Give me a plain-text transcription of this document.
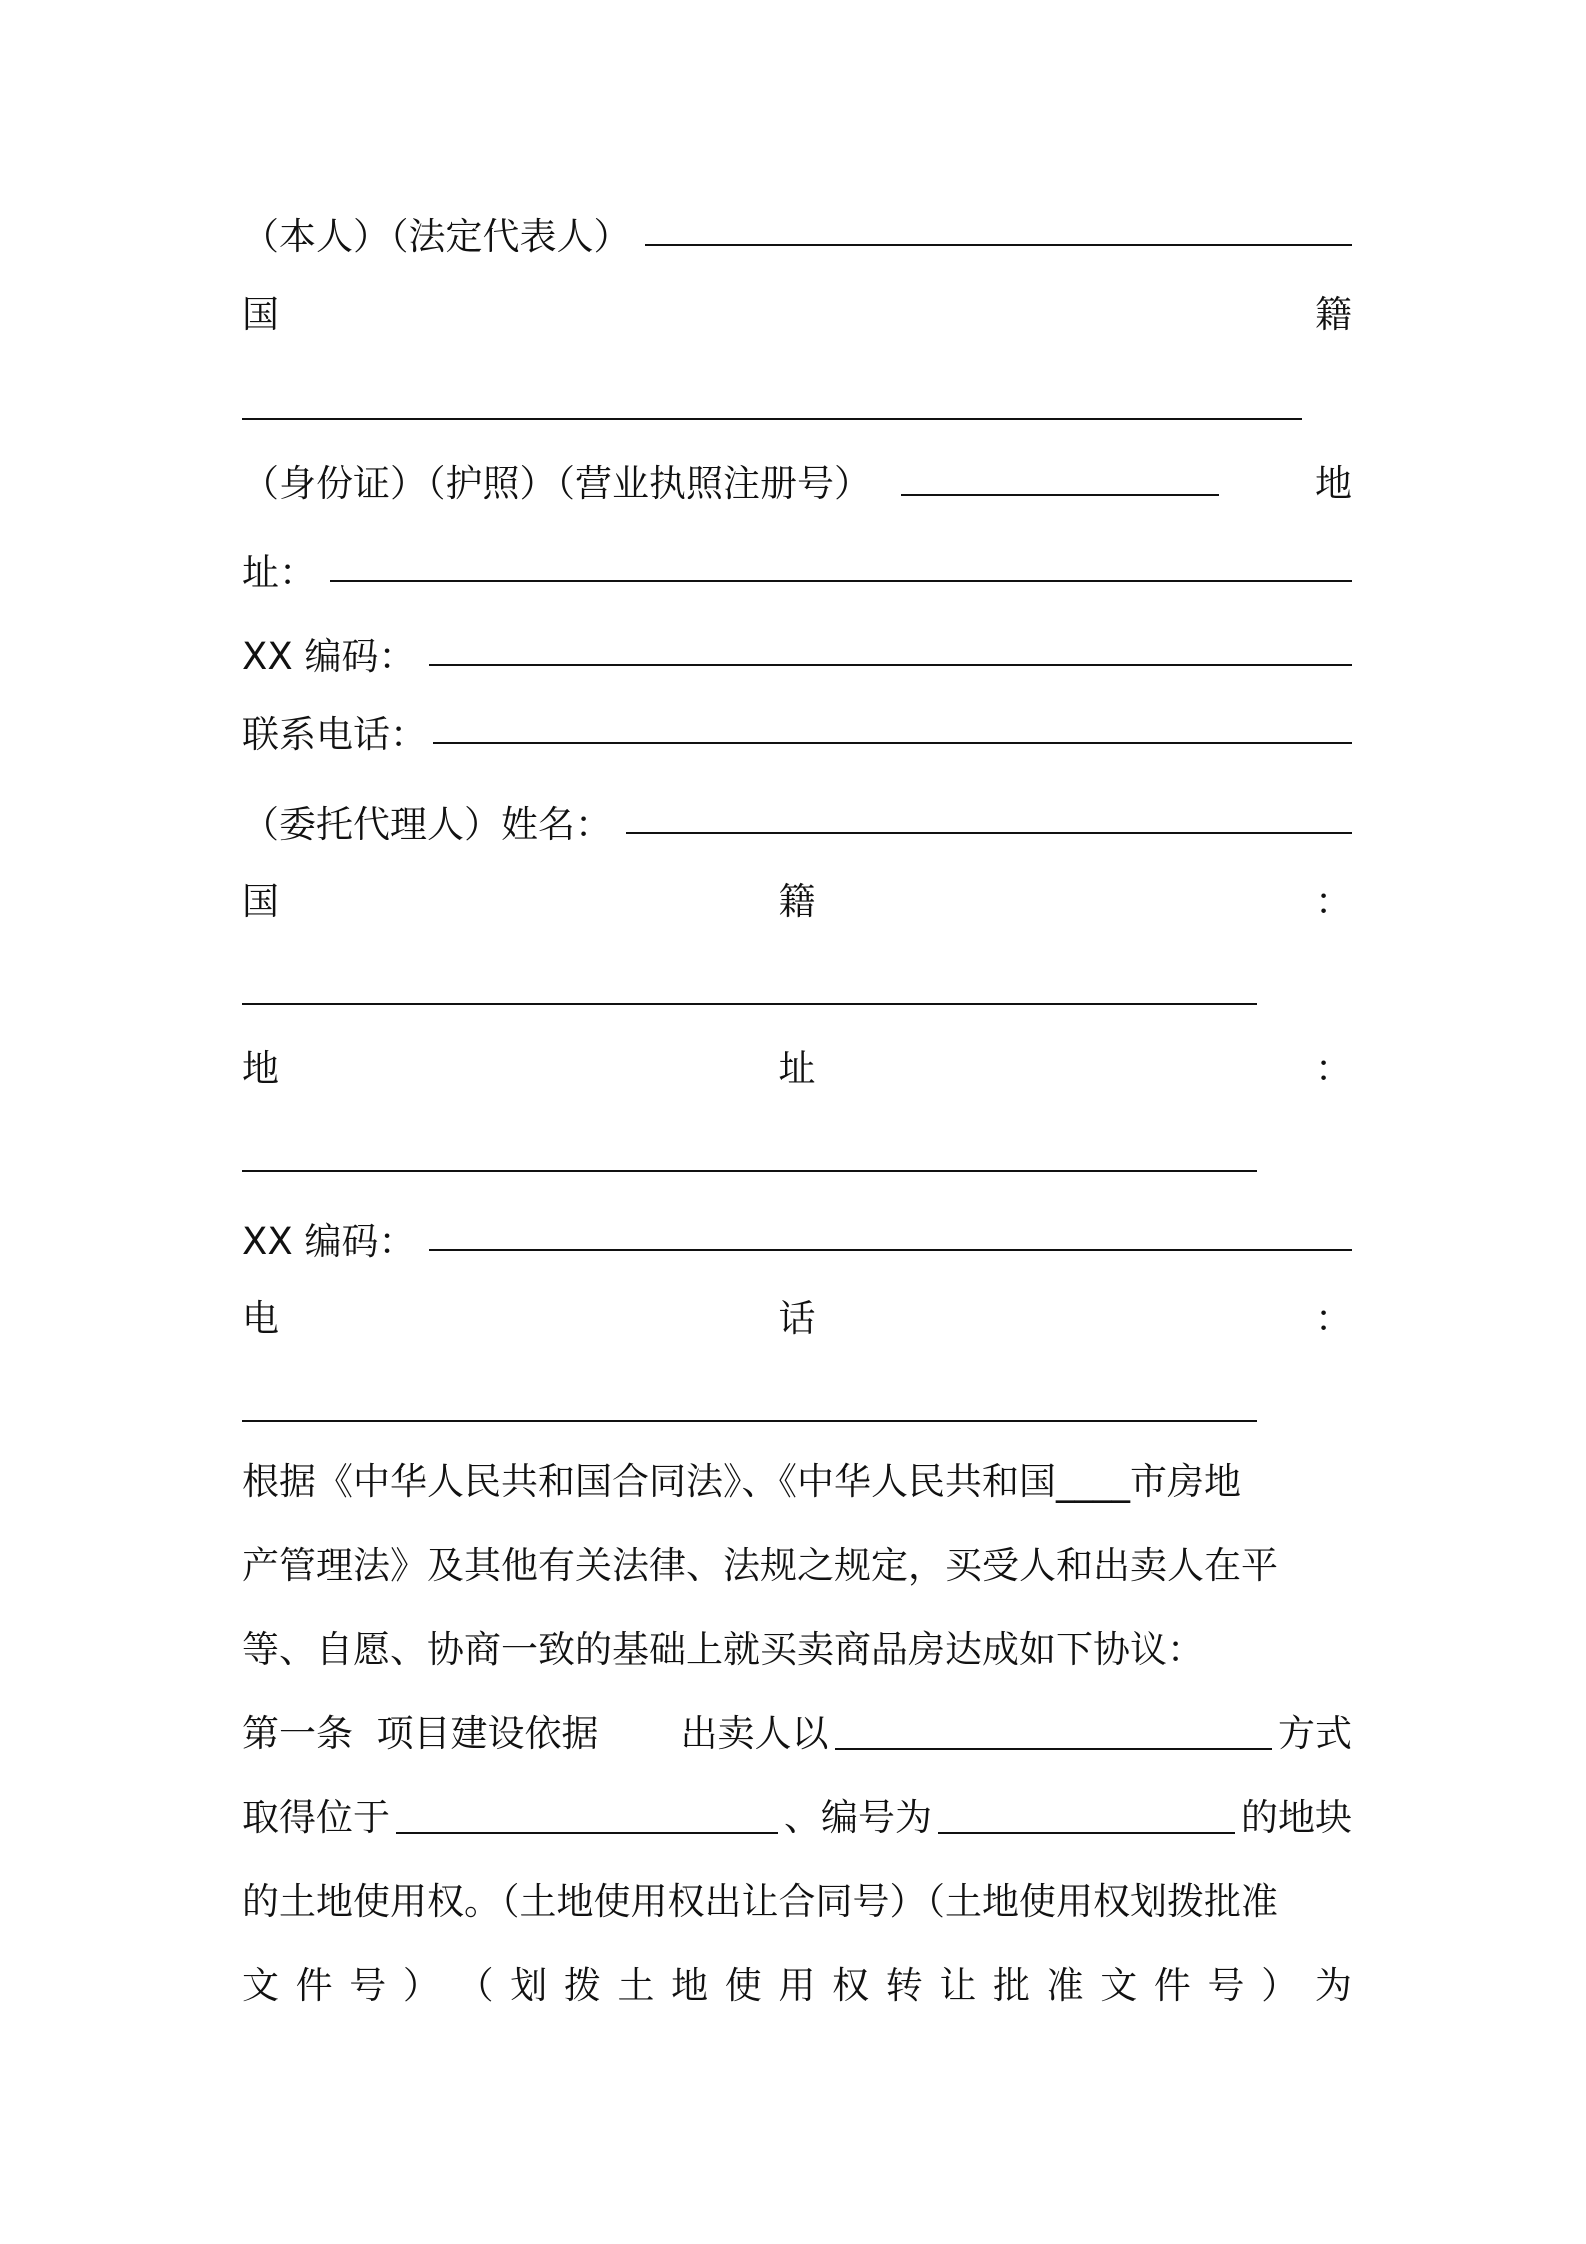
（本人）（法定代表人）
国	籍
（身份证）（护照）（营业执照注册号）	地
址：
XX 编码：
联系电话：
（委托代理人）姓名：
国	籍	：
地	址	：
XX 编码：
电	话	：
根据《中华人民共和国合同法》、《中华人民共和国 ____ 市房地
产管理法》及其他有关法律、法规之规定，买受人和出卖人在平
等、自愿、协商一致的基础上就买卖商品房达成如下协议：
第一条  项目建设依据 出卖人以	方式
取得位于	、编号为	的地块
的土地使用权。（土地使用权出让合同号）（土地使用权划拨批准
文 件 号 ） （ 划 拨 土 地 使 用 权 转 让 批 准 文 件 号 ） 为
